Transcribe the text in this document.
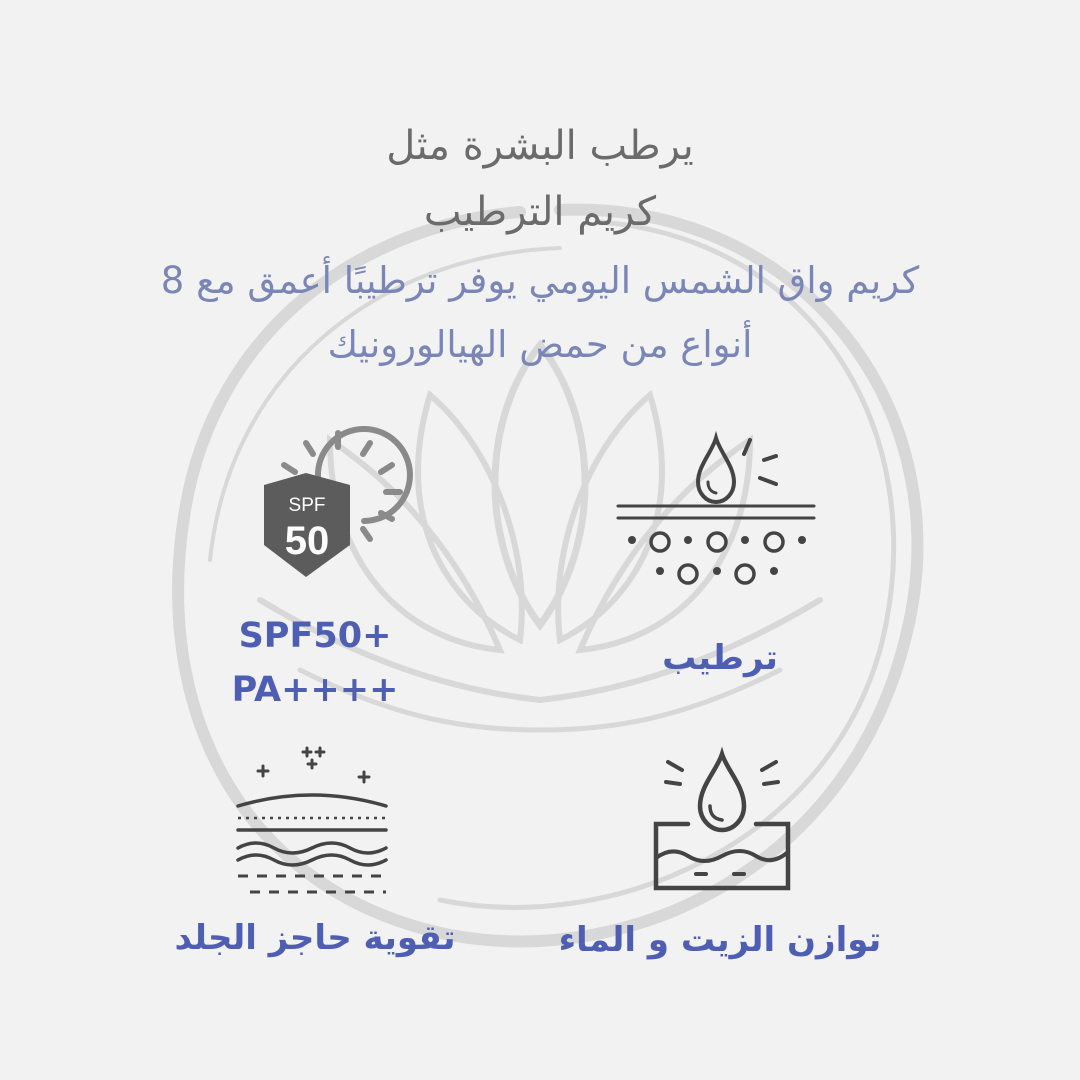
يرطب البشرة مثل

كريم الترطيب

كريم واق الشمس اليومي يوفر ترطيبًا أعمق مع 8

أنواع من حمض الهيالورونيك

SPF
50

SPF50+

PA++++

ترطيب

تقوية حاجز الجلد	توازن الزيت و الماء
